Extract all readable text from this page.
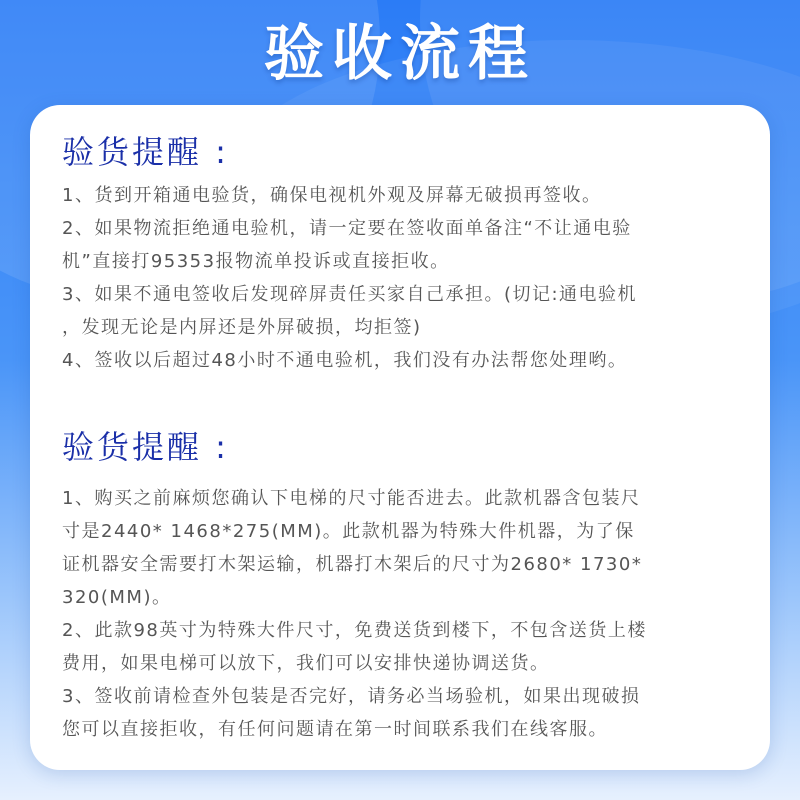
验收流程
验货提醒 :
1、货到开箱通电验货，确保电视机外观及屏幕无破损再签收。
2、如果物流拒绝通电验机，请一定要在签收面单备注“不让通电验
机”直接打95353报物流单投诉或直接拒收。
3、如果不通电签收后发现碎屏责任买家自己承担。(切记:通电验机
，发现无论是内屏还是外屏破损，均拒签)
4、签收以后超过48小时不通电验机，我们没有办法帮您处理哟。
验货提醒 :
1、购买之前麻烦您确认下电梯的尺寸能否进去。此款机器含包装尺
寸是2440* 1468*275(MM)。此款机器为特殊大件机器，为了保
证机器安全需要打木架运输，机器打木架后的尺寸为2680* 1730*
320(MM)。
2、此款98英寸为特殊大件尺寸，免费送货到楼下，不包含送货上楼
费用，如果电梯可以放下，我们可以安排快递协调送货。
3、签收前请检查外包装是否完好，请务必当场验机，如果出现破损
您可以直接拒收，有任何问题请在第一时间联系我们在线客服。
